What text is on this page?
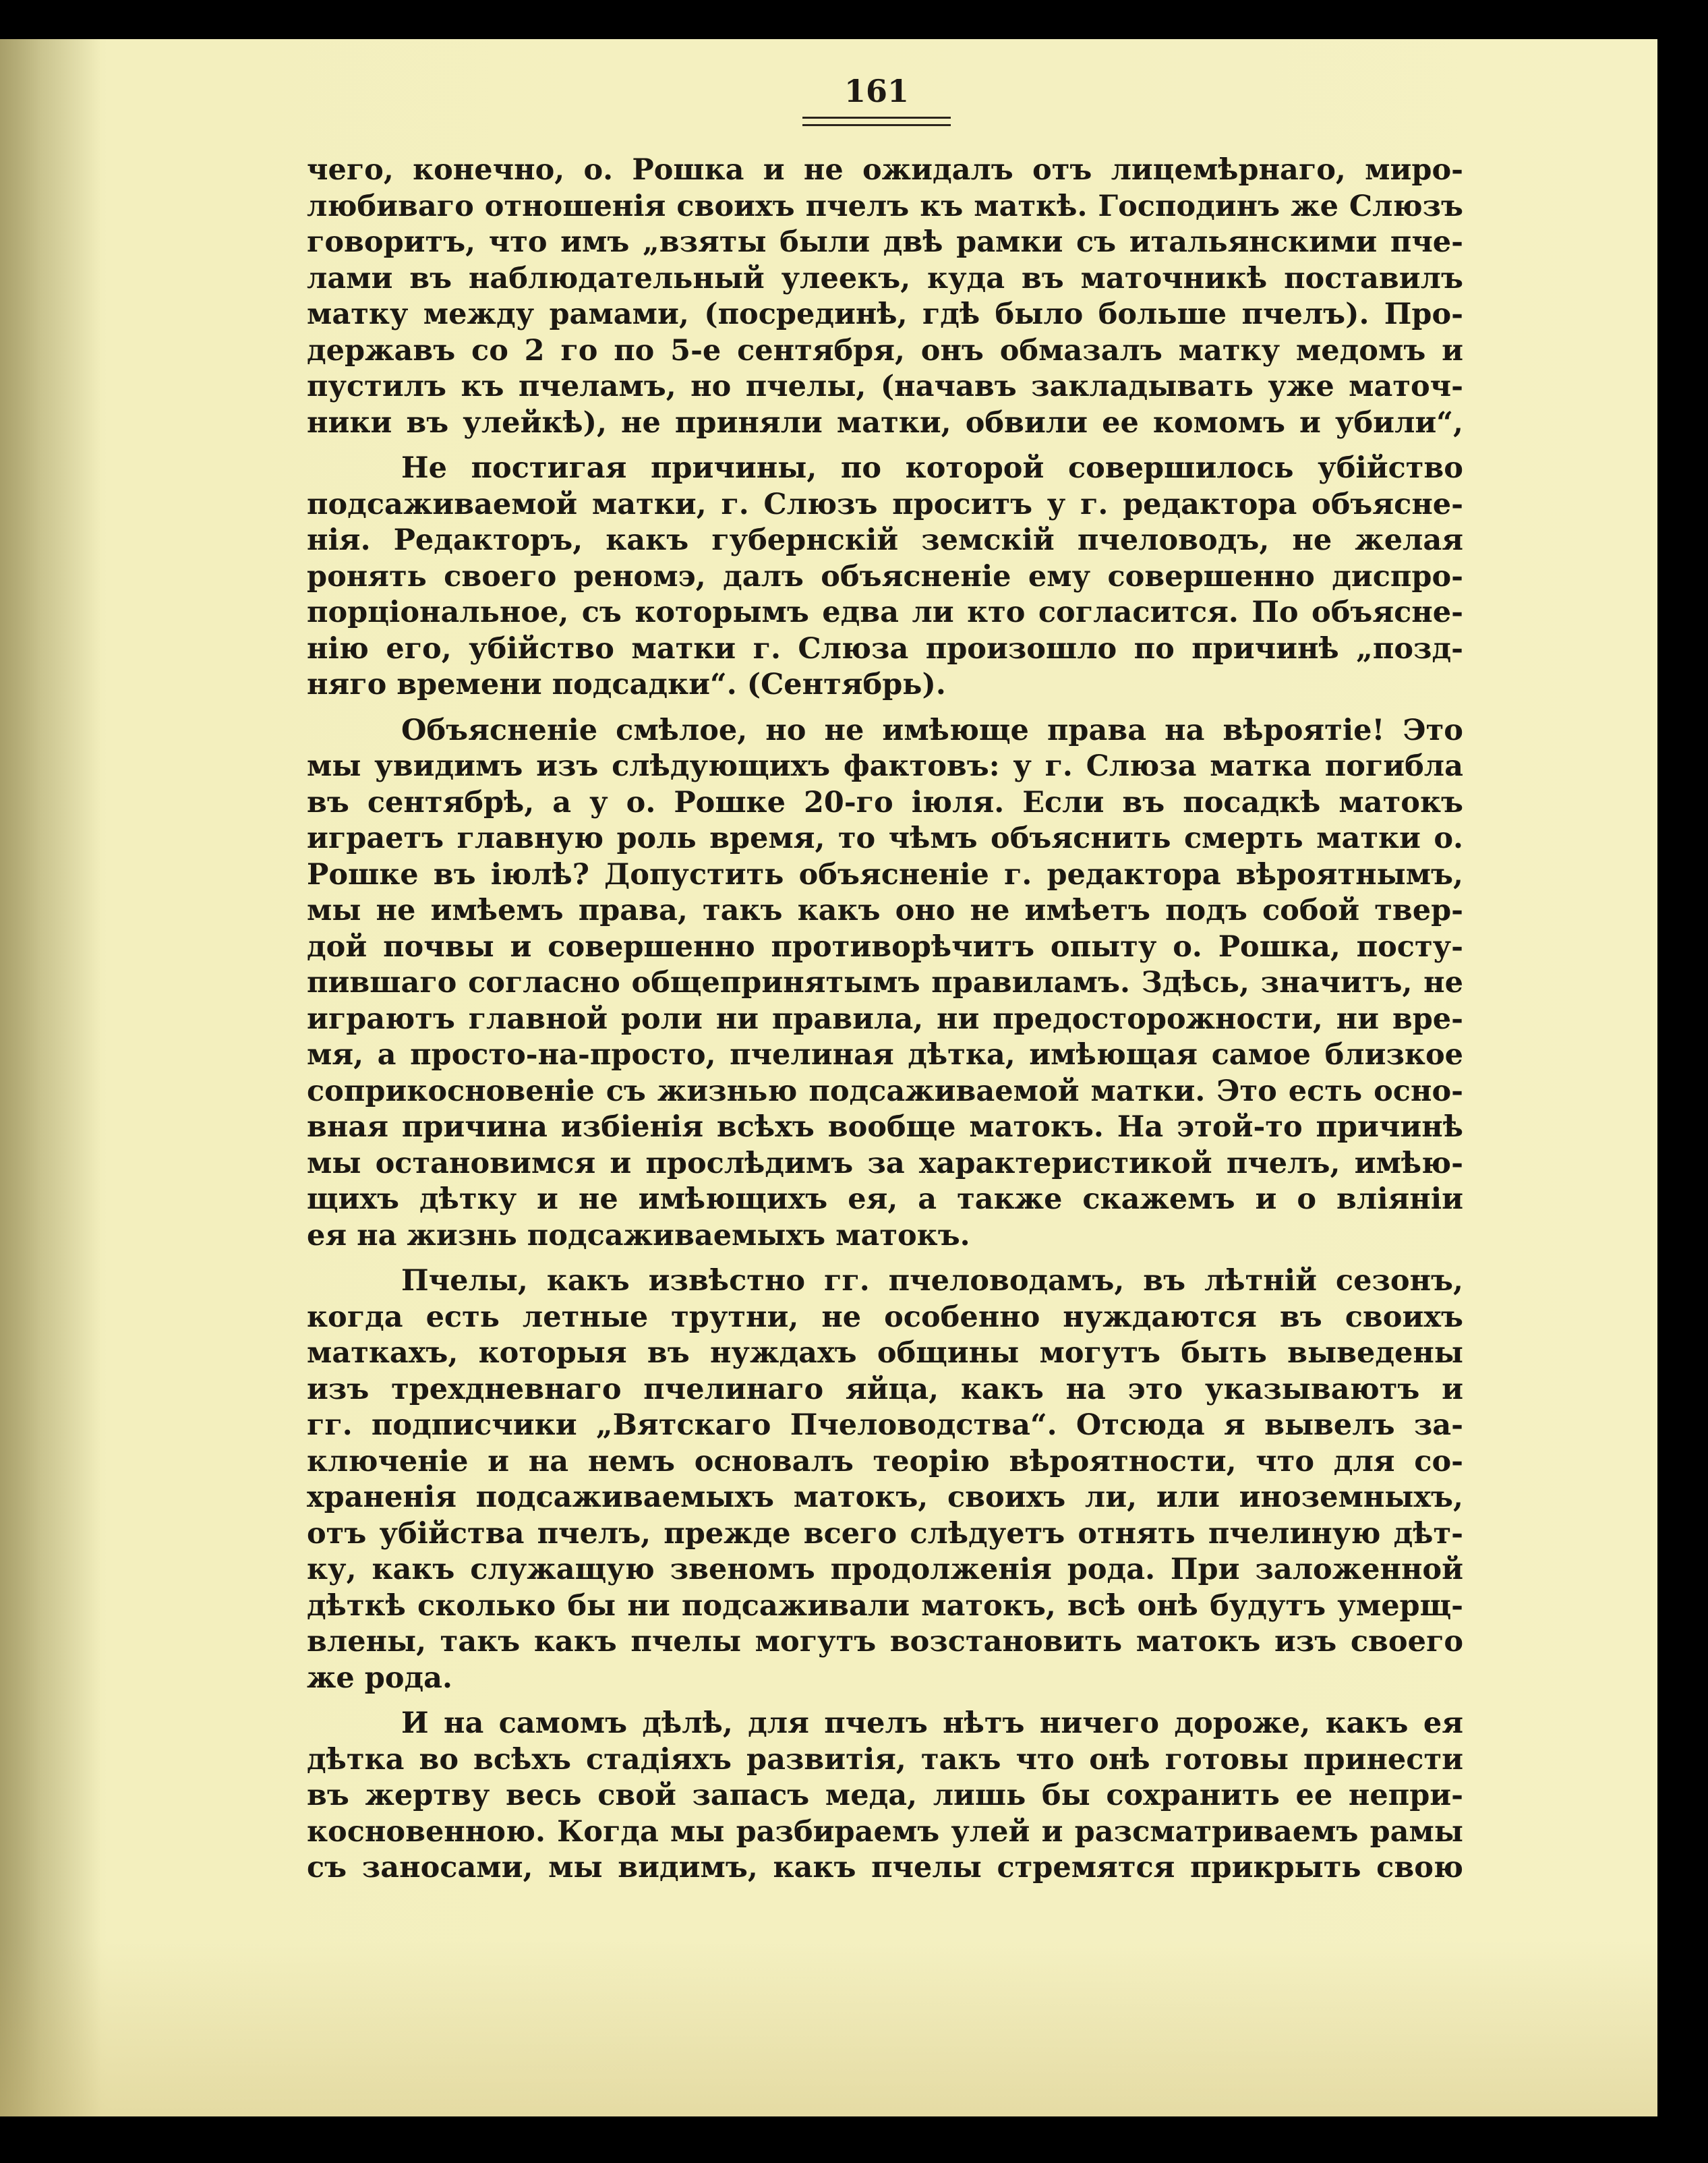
161
чего, конечно, о. Рошка и не ожидалъ отъ лицемѣрнаго, миро-
любиваго отношенія своихъ пчелъ къ маткѣ. Господинъ же Слюзъ
говоритъ, что имъ „взяты были двѣ рамки съ итальянскими пче-
лами въ наблюдательный улеекъ, куда въ маточникѣ поставилъ
матку между рамами, (посрединѣ, гдѣ было больше пчелъ). Про-
державъ со 2 го по 5-е сентября, онъ обмазалъ матку медомъ и
пустилъ къ пчеламъ, но пчелы, (начавъ закладывать уже маточ-
ники въ улейкѣ), не приняли матки, обвили ее комомъ и убили“,
Не постигая причины, по которой совершилось убійство
подсаживаемой матки, г. Слюзъ проситъ у г. редактора объясне-
нія. Редакторъ, какъ губернскій земскій пчеловодъ, не желая
ронять своего реномэ, далъ объясненіе ему совершенно диспро-
порціональное, съ которымъ едва ли кто согласится. По объясне-
нію его, убійство матки г. Слюза произошло по причинѣ „позд-
няго времени подсадки“. (Сентябрь).
Объясненіе смѣлое, но не имѣюще права на вѣроятіе! Это
мы увидимъ изъ слѣдующихъ фактовъ: у г. Слюза матка погибла
въ сентябрѣ, а у о. Рошке 20-го іюля. Если въ посадкѣ матокъ
играетъ главную роль время, то чѣмъ объяснить смерть матки о.
Рошке въ іюлѣ? Допустить объясненіе г. редактора вѣроятнымъ,
мы не имѣемъ права, такъ какъ оно не имѣетъ подъ собой твер-
дой почвы и совершенно противорѣчитъ опыту о. Рошка, посту-
пившаго согласно общепринятымъ правиламъ. Здѣсь, значитъ, не
играютъ главной роли ни правила, ни предосторожности, ни вре-
мя, а просто-на-просто, пчелиная дѣтка, имѣющая самое близкое
соприкосновеніе съ жизнью подсаживаемой матки. Это есть осно-
вная причина избіенія всѣхъ вообще матокъ. На этой-то причинѣ
мы остановимся и прослѣдимъ за характеристикой пчелъ, имѣю-
щихъ дѣтку и не имѣющихъ ея, а также скажемъ и о вліяніи
ея на жизнь подсаживаемыхъ матокъ.
Пчелы, какъ извѣстно гг. пчеловодамъ, въ лѣтній сезонъ,
когда есть летные трутни, не особенно нуждаются въ своихъ
маткахъ, которыя въ нуждахъ общины могутъ быть выведены
изъ трехдневнаго пчелинаго яйца, какъ на это указываютъ и
гг. подписчики „Вятскаго Пчеловодства“. Отсюда я вывелъ за-
ключеніе и на немъ основалъ теорію вѣроятности, что для со-
храненія подсаживаемыхъ матокъ, своихъ ли, или иноземныхъ,
отъ убійства пчелъ, прежде всего слѣдуетъ отнять пчелиную дѣт-
ку, какъ служащую звеномъ продолженія рода. При заложенной
дѣткѣ сколько бы ни подсаживали матокъ, всѣ онѣ будутъ умерщ-
влены, такъ какъ пчелы могутъ возстановить матокъ изъ своего
же рода.
И на самомъ дѣлѣ, для пчелъ нѣтъ ничего дороже, какъ ея
дѣтка во всѣхъ стадіяхъ развитія, такъ что онѣ готовы принести
въ жертву весь свой запасъ меда, лишь бы сохранить ее непри-
косновенною. Когда мы разбираемъ улей и разсматриваемъ рамы
съ заносами, мы видимъ, какъ пчелы стремятся прикрыть свою
